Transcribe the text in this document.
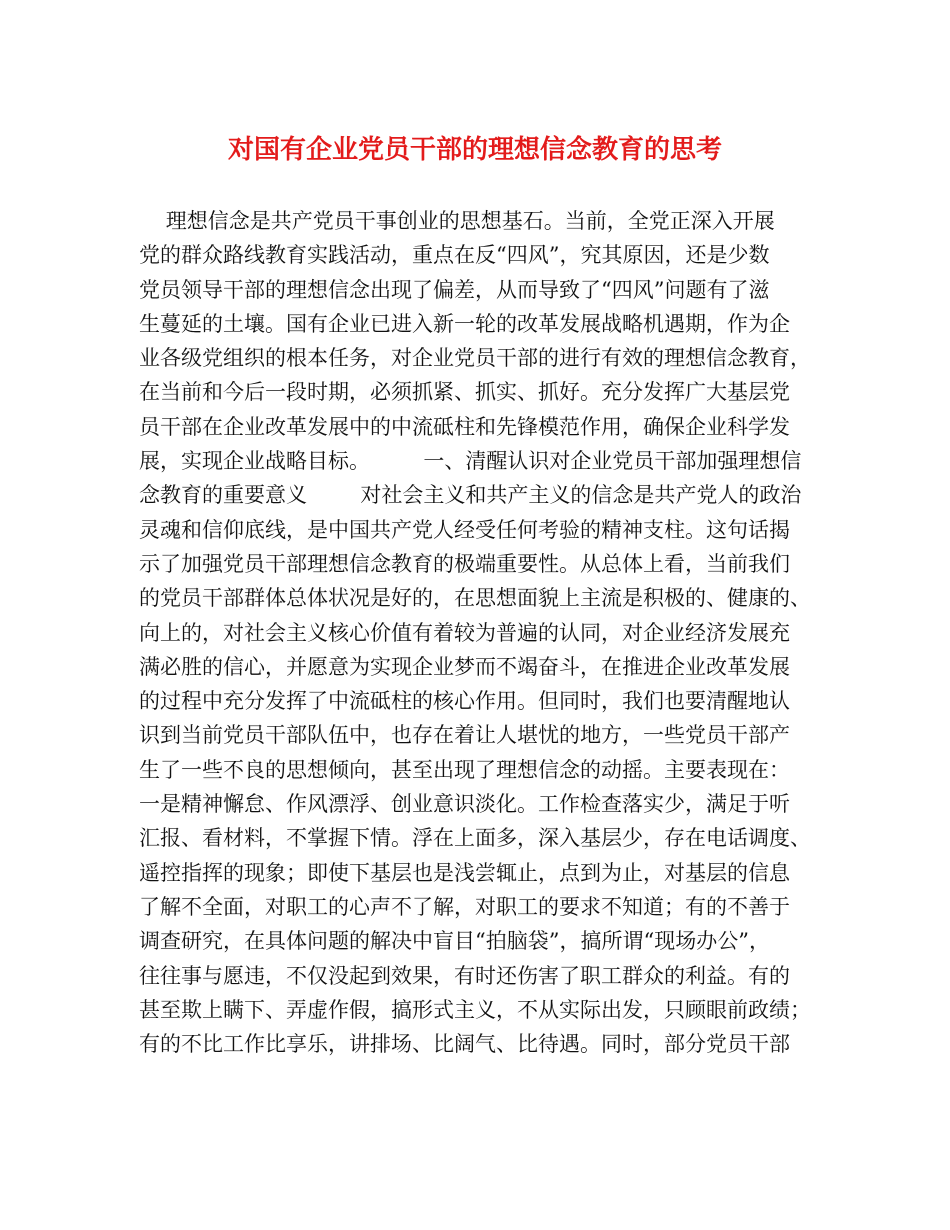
对国有企业党员干部的理想信念教育的思考
理想信念是共产党员干事创业的思想基石。当前，全党正深入开展
党的群众路线教育实践活动，重点在反“四风”，究其原因，还是少数
党员领导干部的理想信念出现了偏差，从而导致了“四风”问题有了滋
生蔓延的土壤。国有企业已进入新一轮的改革发展战略机遇期，作为企
业各级党组织的根本任务，对企业党员干部的进行有效的理想信念教育，
在当前和今后一段时期，必须抓紧、抓实、抓好。充分发挥广大基层党
员干部在企业改革发展中的中流砥柱和先锋模范作用，确保企业科学发
展，实现企业战略目标。        一、清醒认识对企业党员干部加强理想信
念教育的重要意义        对社会主义和共产主义的信念是共产党人的政治
灵魂和信仰底线，是中国共产党人经受任何考验的精神支柱。这句话揭
示了加强党员干部理想信念教育的极端重要性。从总体上看，当前我们
的党员干部群体总体状况是好的，在思想面貌上主流是积极的、健康的、
向上的，对社会主义核心价值有着较为普遍的认同，对企业经济发展充
满必胜的信心，并愿意为实现企业梦而不竭奋斗，在推进企业改革发展
的过程中充分发挥了中流砥柱的核心作用。但同时，我们也要清醒地认
识到当前党员干部队伍中，也存在着让人堪忧的地方，一些党员干部产
生了一些不良的思想倾向，甚至出现了理想信念的动摇。主要表现在：
一是精神懈怠、作风漂浮、创业意识淡化。工作检查落实少，满足于听
汇报、看材料，不掌握下情。浮在上面多，深入基层少，存在电话调度、
遥控指挥的现象；即使下基层也是浅尝辄止，点到为止，对基层的信息
了解不全面，对职工的心声不了解，对职工的要求不知道；有的不善于
调查研究，在具体问题的解决中盲目“拍脑袋”，搞所谓“现场办公”，
往往事与愿违，不仅没起到效果，有时还伤害了职工群众的利益。有的
甚至欺上瞒下、弄虚作假，搞形式主义，不从实际出发，只顾眼前政绩；
有的不比工作比享乐，讲排场、比阔气、比待遇。同时，部分党员干部
